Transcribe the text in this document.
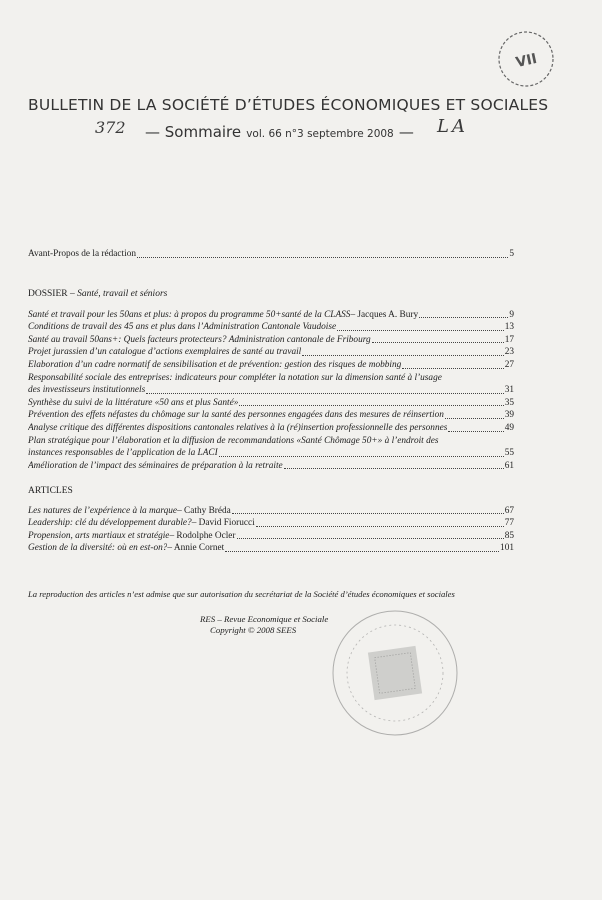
VII
BULLETIN DE LA SOCIÉTÉ D’ÉTUDES ÉCONOMIQUES ET SOCIALES
372	LA
— Sommaire vol. 66 n°3 septembre 2008 —
Avant-Propos de la rédaction	5
DOSSIER – Santé, travail et séniors
Santé et travail pour les 50ans et plus: à propos du programme 50+santé de la CLASS – Jacques A. Bury	9
Conditions de travail des 45 ans et plus dans l’Administration Cantonale Vaudoise	13
Santé au travail 50ans+: Quels facteurs protecteurs? Administration cantonale de Fribourg	17
Projet jurassien d’un catalogue d’actions exemplaires de santé au travail	23
Elaboration d’un cadre normatif de sensibilisation et de prévention: gestion des risques de mobbing	27
Responsabilité sociale des entreprises: indicateurs pour compléter la notation sur la dimension santé à l’usage
des investisseurs institutionnels	31
Synthèse du suivi de la littérature «50 ans et plus Santé»	35
Prévention des effets néfastes du chômage sur la santé des personnes engagées dans des mesures de réinsertion	39
Analyse critique des différentes dispositions cantonales relatives à la (ré)insertion professionnelle des personnes	49
Plan stratégique pour l’élaboration et la diffusion de recommandations «Santé Chômage 50+» à l’endroit des
instances responsables de l’application de la LACI	55
Amélioration de l’impact des séminaires de préparation à la retraite	61
ARTICLES
Les natures de l’expérience à la marque – Cathy Bréda	67
Leadership: clé du développement durable? – David Fiorucci	77
Propension, arts martiaux et stratégie – Rodolphe Ocler	85
Gestion de la diversité: où en est-on? – Annie Cornet	101
La reproduction des articles n’est admise que sur autorisation du secrétariat de la Société d’études économiques et sociales
RES – Revue Economique et Sociale
Copyright © 2008 SEES
